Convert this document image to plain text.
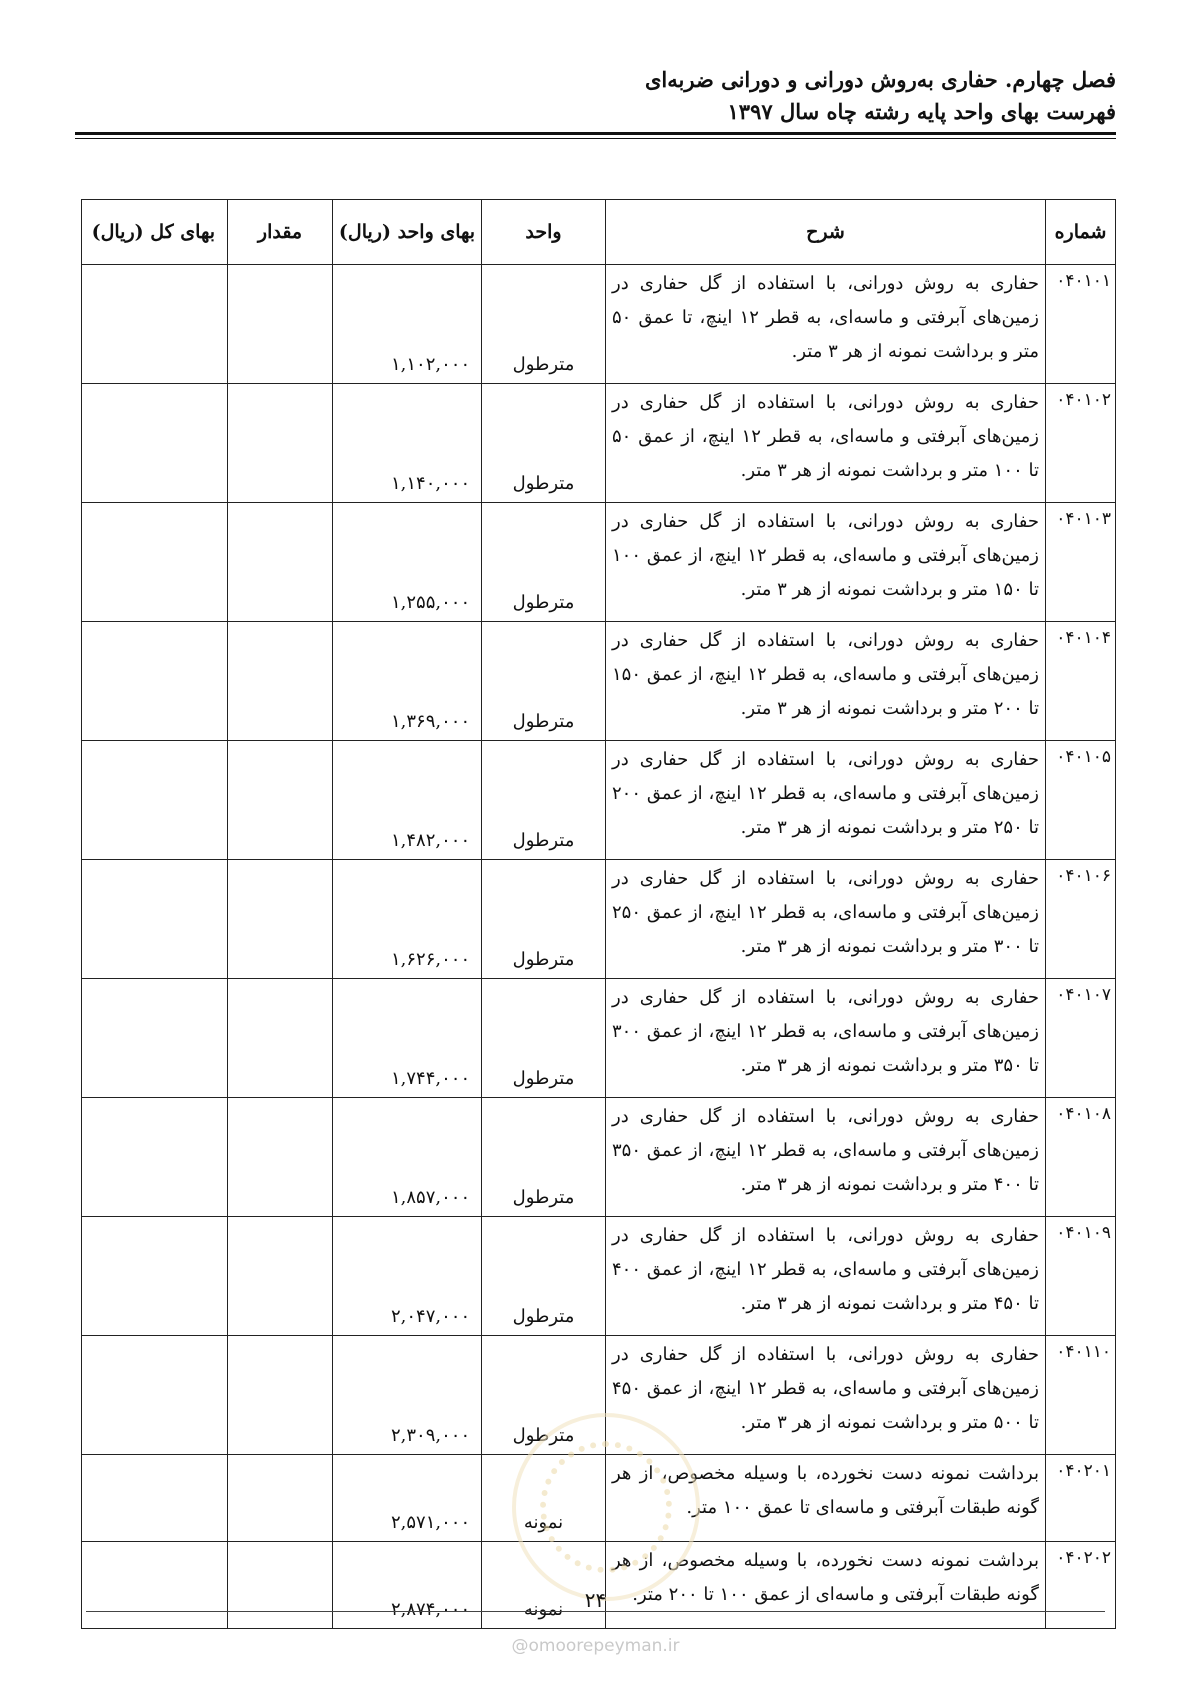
فصل چهارم. حفاری به‌روش دورانی و دورانی ضربه‌ای
فهرست بهای واحد پایه رشته چاه سال ۱۳۹۷
شماره	شرح	واحد	بهای واحد (ریال)	مقدار	بهای کل (ریال)
۰۴۰۱۰۱	حفاری به روش دورانی، با استفاده از گل حفاری در زمین‌های آبرفتی و ماسه‌ای، به قطر ۱۲ اینچ، تا عمق ۵۰ متر و برداشت نمونه از هر ۳ متر.	مترطول	۱,۱۰۲,۰۰۰		
۰۴۰۱۰۲	حفاری به روش دورانی، با استفاده از گل حفاری در زمین‌های آبرفتی و ماسه‌ای، به قطر ۱۲ اینچ، از عمق ۵۰ تا ۱۰۰ متر و برداشت نمونه از هر ۳ متر.	مترطول	۱,۱۴۰,۰۰۰		
۰۴۰۱۰۳	حفاری به روش دورانی، با استفاده از گل حفاری در زمین‌های آبرفتی و ماسه‌ای، به قطر ۱۲ اینچ، از عمق ۱۰۰ تا ۱۵۰ متر و برداشت نمونه از هر ۳ متر.	مترطول	۱,۲۵۵,۰۰۰		
۰۴۰۱۰۴	حفاری به روش دورانی، با استفاده از گل حفاری در زمین‌های آبرفتی و ماسه‌ای، به قطر ۱۲ اینچ، از عمق ۱۵۰ تا ۲۰۰ متر و برداشت نمونه از هر ۳ متر.	مترطول	۱,۳۶۹,۰۰۰		
۰۴۰۱۰۵	حفاری به روش دورانی، با استفاده از گل حفاری در زمین‌های آبرفتی و ماسه‌ای، به قطر ۱۲ اینچ، از عمق ۲۰۰ تا ۲۵۰ متر و برداشت نمونه از هر ۳ متر.	مترطول	۱,۴۸۲,۰۰۰		
۰۴۰۱۰۶	حفاری به روش دورانی، با استفاده از گل حفاری در زمین‌های آبرفتی و ماسه‌ای، به قطر ۱۲ اینچ، از عمق ۲۵۰ تا ۳۰۰ متر و برداشت نمونه از هر ۳ متر.	مترطول	۱,۶۲۶,۰۰۰		
۰۴۰۱۰۷	حفاری به روش دورانی، با استفاده از گل حفاری در زمین‌های آبرفتی و ماسه‌ای، به قطر ۱۲ اینچ، از عمق ۳۰۰ تا ۳۵۰ متر و برداشت نمونه از هر ۳ متر.	مترطول	۱,۷۴۴,۰۰۰		
۰۴۰۱۰۸	حفاری به روش دورانی، با استفاده از گل حفاری در زمین‌های آبرفتی و ماسه‌ای، به قطر ۱۲ اینچ، از عمق ۳۵۰ تا ۴۰۰ متر و برداشت نمونه از هر ۳ متر.	مترطول	۱,۸۵۷,۰۰۰		
۰۴۰۱۰۹	حفاری به روش دورانی، با استفاده از گل حفاری در زمین‌های آبرفتی و ماسه‌ای، به قطر ۱۲ اینچ، از عمق ۴۰۰ تا ۴۵۰ متر و برداشت نمونه از هر ۳ متر.	مترطول	۲,۰۴۷,۰۰۰		
۰۴۰۱۱۰	حفاری به روش دورانی، با استفاده از گل حفاری در زمین‌های آبرفتی و ماسه‌ای، به قطر ۱۲ اینچ، از عمق ۴۵۰ تا ۵۰۰ متر و برداشت نمونه از هر ۳ متر.	مترطول	۲,۳۰۹,۰۰۰		
۰۴۰۲۰۱	برداشت نمونه دست نخورده، با وسیله مخصوص، از هر گونه طبقات آبرفتی و ماسه‌ای تا عمق ۱۰۰ متر.	نمونه	۲,۵۷۱,۰۰۰		
۰۴۰۲۰۲	برداشت نمونه دست نخورده، با وسیله مخصوص، از هر گونه طبقات آبرفتی و ماسه‌ای از عمق ۱۰۰ تا ۲۰۰ متر.	نمونه	۲,۸۷۴,۰۰۰			۲۴
@omoorepeyman.ir
